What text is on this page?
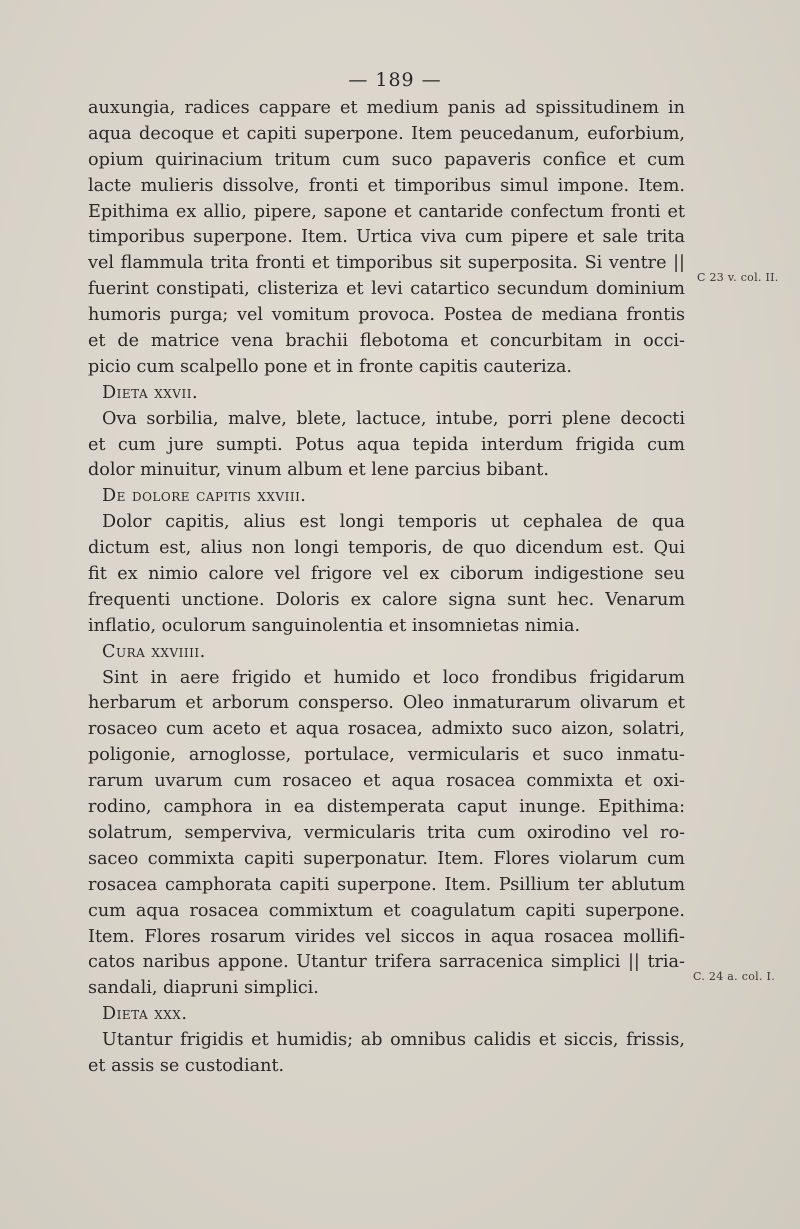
— 189 —
auxungia, radices cappare et medium panis ad spissitudinem in
aqua decoque et capiti superpone. Item peucedanum, euforbium,
opium quirinacium tritum cum suco papaveris confice et cum
lacte mulieris dissolve, fronti et timporibus simul impone. Item.
Epithima ex allio, pipere, sapone et cantaride confectum fronti et
timporibus superpone. Item. Urtica viva cum pipere et sale trita
vel flammula trita fronti et timporibus sit superposita. Si ventre ||
fuerint constipati, clisteriza et levi catartico secundum dominium
humoris purga; vel vomitum provoca. Postea de mediana frontis
et de matrice vena brachii flebotoma et concurbitam in occi-
picio cum scalpello pone et in fronte capitis cauteriza.
Dieta xxvii.
Ova sorbilia, malve, blete, lactuce, intube, porri plene decocti
et cum jure sumpti. Potus aqua tepida interdum frigida cum
dolor minuitur, vinum album et lene parcius bibant.
De dolore capitis xxviii.
Dolor capitis, alius est longi temporis ut cephalea de qua
dictum est, alius non longi temporis, de quo dicendum est. Qui
fit ex nimio calore vel frigore vel ex ciborum indigestione seu
frequenti unctione. Doloris ex calore signa sunt hec. Venarum
inflatio, oculorum sanguinolentia et insomnietas nimia.
Cura xxviiii.
Sint in aere frigido et humido et loco frondibus frigidarum
herbarum et arborum consperso. Oleo inmaturarum olivarum et
rosaceo cum aceto et aqua rosacea, admixto suco aizon, solatri,
poligonie, arnoglosse, portulace, vermicularis et suco inmatu-
rarum uvarum cum rosaceo et aqua rosacea commixta et oxi-
rodino, camphora in ea distemperata caput inunge. Epithima:
solatrum, semperviva, vermicularis trita cum oxirodino vel ro-
saceo commixta capiti superponatur. Item. Flores violarum cum
rosacea camphorata capiti superpone. Item. Psillium ter ablutum
cum aqua rosacea commixtum et coagulatum capiti superpone.
Item. Flores rosarum virides vel siccos in aqua rosacea mollifi-
catos naribus appone. Utantur trifera sarracenica simplici || tria-
sandali, diapruni simplici.
Dieta xxx.
Utantur frigidis et humidis; ab omnibus calidis et siccis, frissis,
et assis se custodiant.
C 23 v. col. II.
C. 24 a. col. I.
